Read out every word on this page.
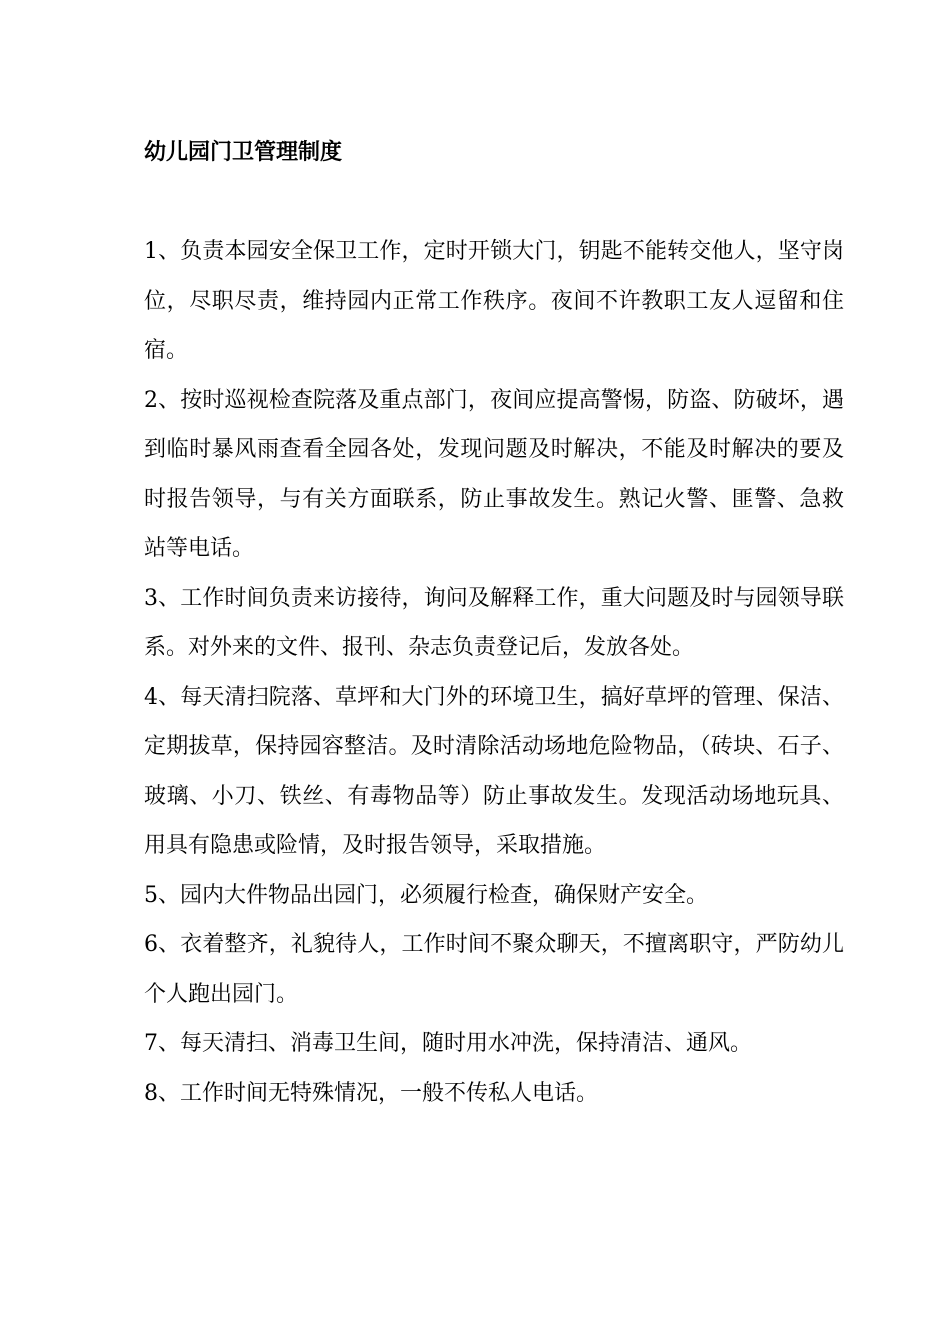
幼儿园门卫管理制度
1、负责本园安全保卫工作，定时开锁大门，钥匙不能转交他人，坚守岗位，尽职尽责，维持园内正常工作秩序。夜间不许教职工友人逗留和住宿。
2、按时巡视检查院落及重点部门，夜间应提高警惕，防盗、防破坏，遇到临时暴风雨查看全园各处，发现问题及时解决，不能及时解决的要及时报告领导，与有关方面联系，防止事故发生。熟记火警、匪警、急救站等电话。
3、工作时间负责来访接待，询问及解释工作，重大问题及时与园领导联系。对外来的文件、报刊、杂志负责登记后，发放各处。
4、每天清扫院落、草坪和大门外的环境卫生，搞好草坪的管理、保洁、定期拔草，保持园容整洁。及时清除活动场地危险物品，（砖块、石子、玻璃、小刀、铁丝、有毒物品等）防止事故发生。发现活动场地玩具、用具有隐患或险情，及时报告领导，采取措施。
5、园内大件物品出园门，必须履行检查，确保财产安全。
6、衣着整齐，礼貌待人，工作时间不聚众聊天，不擅离职守，严防幼儿个人跑出园门。
7、每天清扫、消毒卫生间，随时用水冲洗，保持清洁、通风。
8、工作时间无特殊情况，一般不传私人电话。
